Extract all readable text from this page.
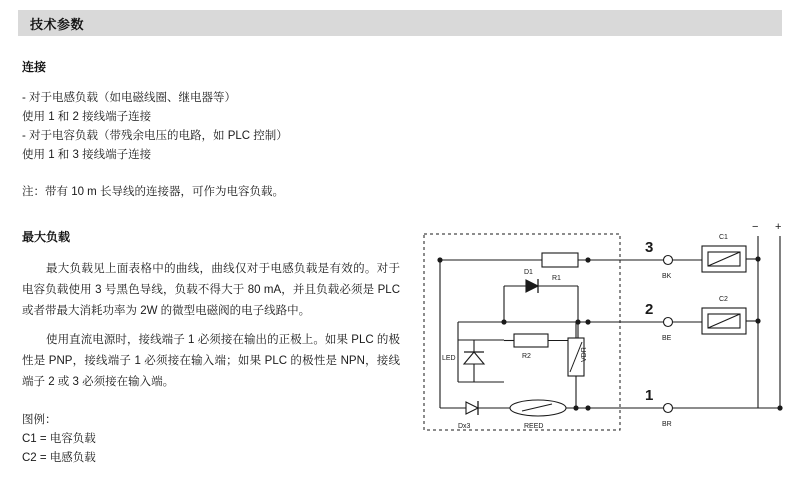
技术参数
连接

- 对于电感负载（如电磁线圈、继电器等）

使用 1 和 2 接线端子连接

- 对于电容负载（带残余电压的电路，如 PLC 控制）

使用 1 和 3 接线端子连接

注：带有 10 m 长导线的连接器，可作为电容负载。

最大负载

最大负载见上面表格中的曲线，曲线仅对于电感负载是有效的。对于电容负载使用 3 号黑色导线，负载不得大于 80 mA，并且负载必须是 PLC 或者带最大消耗功率为 2W 的微型电磁阀的电子线路中。

使用直流电源时，接线端子 1 必须接在输出的正极上。如果 PLC 的极性是 PNP，接线端子 1 必须接在输入端；如果 PLC 的极性是 NPN，接线端子 2 或 3 必须接在输入端。

图例：

C1 = 电容负载

C2 = 电感负载

3
2
1
BK
BE
BR
R1
R2
C1
C2
D1
Dx3
LED	VDR
REED
− +
